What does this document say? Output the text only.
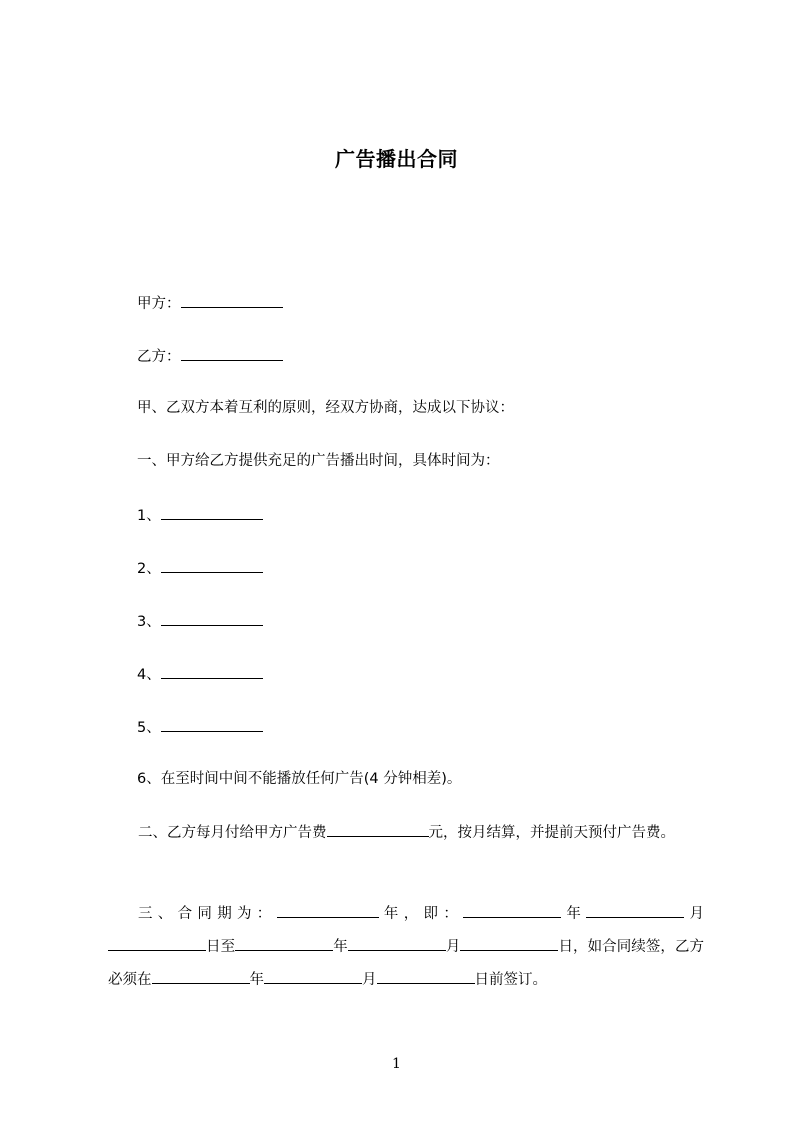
广告播出合同
甲方：
乙方：
甲、乙双方本着互利的原则，经双方协商，达成以下协议：
一、甲方给乙方提供充足的广告播出时间，具体时间为：
1、
2、
3、
4、
5、
6、在至时间中间不能播放任何广告(4 分钟相差)。
二、乙方每月付给甲方广告费	元，按月结算，并提前天预付广告费。
三、合同期为：	年，即：	年	月日至	年	月	日，如合同续签，乙方必须在	年	月	日前签订。
1
